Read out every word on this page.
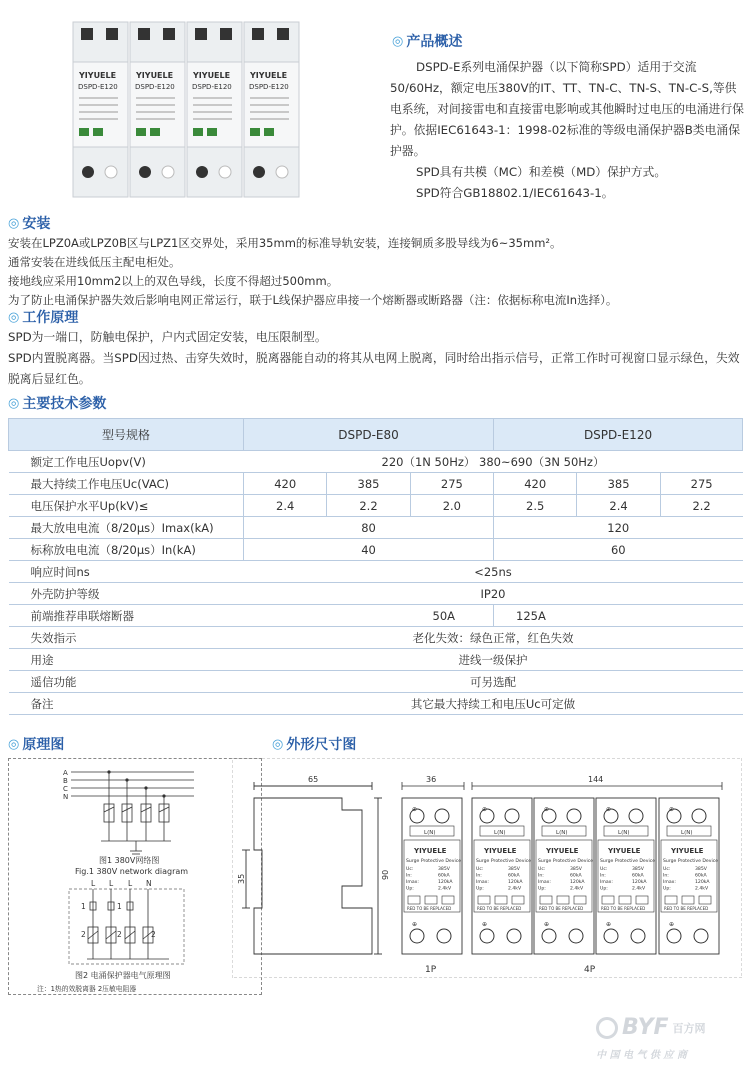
YIYUELE
DSPD-E120
YIYUELE
DSPD-E120
YIYUELE
DSPD-E120
YIYUELE
DSPD-E120
◎ 产品概述

DSPD-E系列电涌保护器（以下简称SPD）适用于交流50/60Hz，额定电压380V的IT、TT、TN-C、TN-S、TN-C-S,等供电系统，对间接雷电和直接雷电影响或其他瞬时过电压的电涌进行保护。依据IEC61643-1：1998-02标准的等级电涌保护器B类电涌保护器。

SPD具有共模（MC）和差模（MD）保护方式。

SPD符合GB18802.1/IEC61643-1。

◎ 安装
安装在LPZ0A或LPZ0B区与LPZ1区交界处，采用35mm的标准导轨安装，连接铜质多股导线为6~35mm²。
通常安装在进线低压主配电柜处。
接地线应采用10mm2以上的双色导线，长度不得超过500mm。
为了防止电涌保护器失效后影响电网正常运行，联于L线保护器应串接一个熔断器或断路器（注：依据标称电流In选择）。
◎ 工作原理
SPD为一端口，防触电保护，户内式固定安装，电压限制型。
SPD内置脱离器。当SPD因过热、击穿失效时，脱离器能自动的将其从电网上脱离，同时给出指示信号，正常工作时可视窗口显示绿色，失效脱离后显红色。
◎ 主要技术参数
型号规格	DSPD-E80			DSPD-E120		
额定工作电压Uopv(V)	220（1N 50Hz） 380~690（3N 50Hz）					
最大持续工作电压Uc(VAC)	420	385	275	420	385	275
电压保护水平Up(kV)≤	2.4	2.2	2.0	2.5	2.4	2.2
最大放电电流（8/20μs）Imax(kA)	80			120		
标称放电电流（8/20μs）In(kA)	40			60		
响应时间ns	<25ns					
外壳防护等级	IP20					
前端推荐串联熔断器	50A			125A		
失效指示	老化失效：绿色正常，红色失效					
用途	进线一级保护					
遥信功能	可另选配					
备注	其它最大持续工和电压Uc可定做					
◎ 原理图	◎ 外形尺寸图
A
B
C
N
图1 380V网络图
Fig.1 380V network diagram
L L L N
1	1
2	2	2
图2 电涌保护器电气原理图
注：1热的效脱离器 2压敏电阻器
65
35	90
36
1P
144
4P
⊕
L(N)
YIYUELE
Surge Protective Device
Uc:	385V
In:	60kA
Imax:	120kA
Up:	2.4kV
RED TO BE REPLACED
⊕
⊕
L(N)
YIYUELE
Surge Protective Device
Uc:	385V
In:	60kA
Imax:	120kA
Up:	2.4kV
RED TO BE REPLACED
⊕
⊕
L(N)
YIYUELE
Surge Protective Device
Uc:	385V
In:	60kA
Imax:	120kA
Up:	2.4kV
RED TO BE REPLACED
⊕
⊕
L(N)
YIYUELE
Surge Protective Device
Uc:	385V
In:	60kA
Imax:	120kA
Up:	2.4kV
RED TO BE REPLACED
⊕
⊕
L(N)
YIYUELE
Surge Protective Device
Uc:	385V
In:	60kA
Imax:	120kA
Up:	2.4kV
RED TO BE REPLACED
⊕
BYF 百方网
中 国 电 气 供 应 商
